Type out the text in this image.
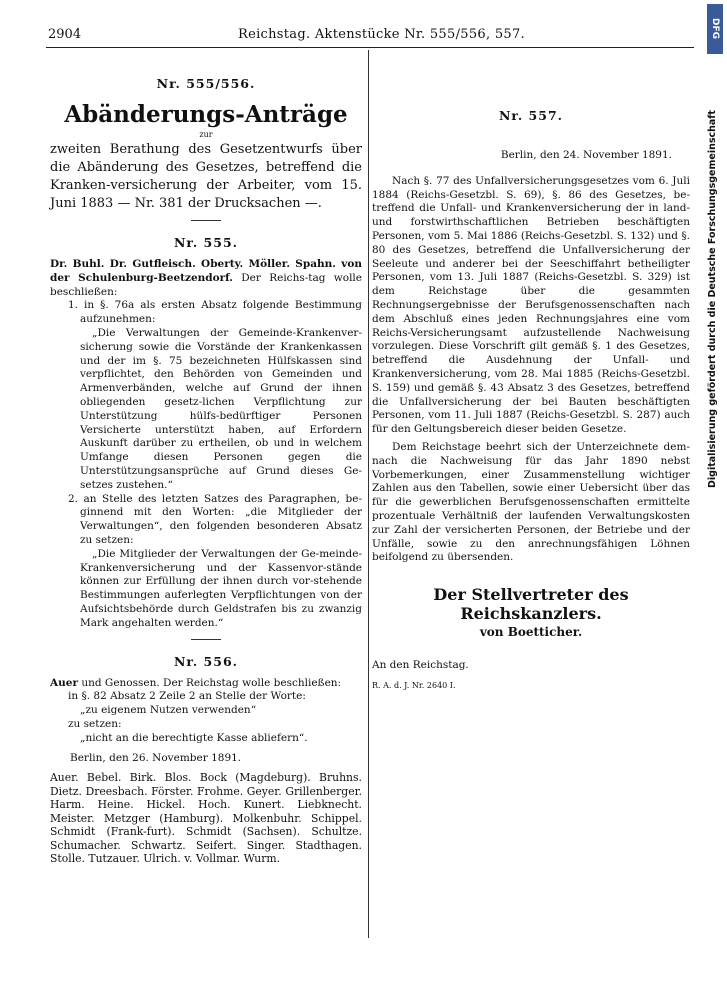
2904	Reichstag. Aktenstücke Nr. 555/556, 557.	DFG
Digitalisierung gefördert durch die Deutsche Forschungsgemeinschaft
Nr. 555/556.
Abänderungs-Anträge
zur

zweiten Berathung des Gesetzentwurfs über die Abänderung des Gesetzes, betreffend die Kranken-versicherung der Arbeiter, vom 15. Juni 1883 — Nr. 381 der Drucksachen —.

Nr. 555.

Dr. Buhl. Dr. Gutfleisch. Oberty. Möller. Spahn. von der Schulenburg-Beetzendorf. Der Reichs-tag wolle beschließen:

1. in §. 76a als ersten Absatz folgende Bestimmung aufzunehmen:

„Die Verwaltungen der Gemeinde-Krankenver-sicherung sowie die Vorstände der Krankenkassen und der im §. 75 bezeichneten Hülfskassen sind verpflichtet, den Behörden von Gemeinden und Armenverbänden, welche auf Grund der ihnen obliegenden gesetz-lichen Verpflichtung zur Unterstützung hülfs-bedürftiger Personen Versicherte unterstützt haben, auf Erfordern Auskunft darüber zu ertheilen, ob und in welchem Umfange diesen Personen gegen die Unterstützungsansprüche auf Grund dieses Ge-setzes zustehen.“

2. an Stelle des letzten Satzes des Paragraphen, be-ginnend mit den Worten: „die Mitglieder der Verwaltungen“, den folgenden besonderen Absatz zu setzen:

„Die Mitglieder der Verwaltungen der Ge-meinde-Krankenversicherung und der Kassenvor-stände können zur Erfüllung der ihnen durch vor-stehende Bestimmungen auferlegten Verpflichtungen von der Aufsichtsbehörde durch Geldstrafen bis zu zwanzig Mark angehalten werden.“

Nr. 556.

Auer und Genossen. Der Reichstag wolle beschließen:

in §. 82 Absatz 2 Zeile 2 an Stelle der Worte:

„zu eigenem Nutzen verwenden“

zu setzen:

„nicht an die berechtigte Kasse abliefern“.

Berlin, den 26. November 1891.

Auer. Bebel. Birk. Blos. Bock (Magdeburg). Bruhns. Dietz. Dreesbach. Förster. Frohme. Geyer. Grillenberger. Harm. Heine. Hickel. Hoch. Kunert. Liebknecht. Meister. Metzger (Hamburg). Molkenbuhr. Schippel. Schmidt (Frank-furt). Schmidt (Sachsen). Schultze. Schumacher. Schwartz. Seifert. Singer. Stadthagen. Stolle. Tutzauer. Ulrich. v. Vollmar. Wurm.

Nr. 557.

Berlin, den 24. November 1891.

Nach §. 77 des Unfallversicherungsgesetzes vom 6. Juli 1884 (Reichs-Gesetzbl. S. 69), §. 86 des Gesetzes, be-treffend die Unfall- und Krankenversicherung der in land- und forstwirthschaftlichen Betrieben beschäftigten Personen, vom 5. Mai 1886 (Reichs-Gesetzbl. S. 132) und §. 80 des Gesetzes, betreffend die Unfallversicherung der Seeleute und anderer bei der Seeschiffahrt betheiligter Personen, vom 13. Juli 1887 (Reichs-Gesetzbl. S. 329) ist dem Reichstage über die gesammten Rechnungsergebnisse der Berufsgenossenschaften nach dem Abschluß eines jeden Rechnungsjahres eine vom Reichs-Versicherungsamt aufzustellende Nachweisung vorzulegen. Diese Vorschrift gilt gemäß §. 1 des Gesetzes, betreffend die Ausdehnung der Unfall- und Krankenversicherung, vom 28. Mai 1885 (Reichs-Gesetzbl. S. 159) und gemäß §. 43 Absatz 3 des Gesetzes, betreffend die Unfallversicherung der bei Bauten beschäftigten Personen, vom 11. Juli 1887 (Reichs-Gesetzbl. S. 287) auch für den Geltungsbereich dieser beiden Gesetze.

Dem Reichstage beehrt sich der Unterzeichnete dem-nach die Nachweisung für das Jahr 1890 nebst Vorbemerkungen, einer Zusammenstellung wichtiger Zahlen aus den Tabellen, sowie einer Uebersicht über das für die gewerblichen Berufsgenossenschaften ermittelte prozentuale Verhältniß der laufenden Verwaltungskosten zur Zahl der versicherten Personen, der Betriebe und der Unfälle, sowie zu den anrechnungsfähigen Löhnen beifolgend zu übersenden.

Der Stellvertreter des Reichskanzlers.
von Boetticher.

An den Reichstag.

R. A. d. J. Nr. 2640 I.
